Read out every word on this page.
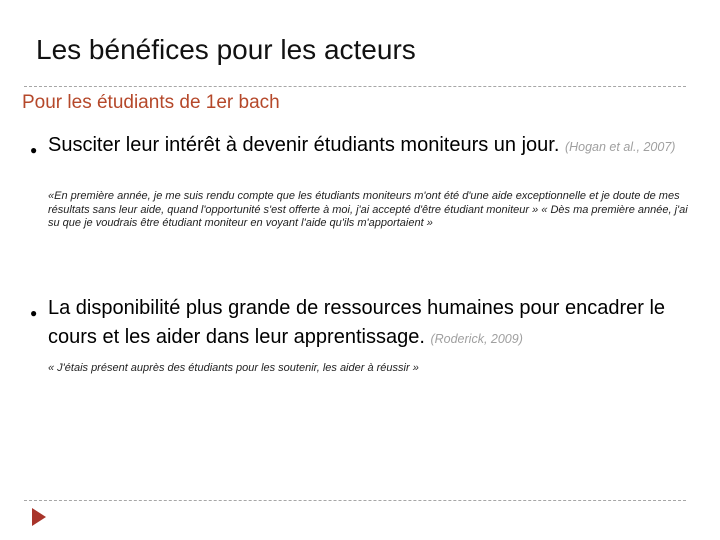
Les bénéfices pour les acteurs
Pour les étudiants de 1er bach
● Susciter leur intérêt à devenir étudiants moniteurs un jour. (Hogan et al., 2007)
«En première année, je me suis rendu compte que les étudiants moniteurs m'ont été d'une aide exceptionnelle et je doute de mes résultats sans leur aide, quand l'opportunité s'est offerte à moi, j'ai accepté d'être étudiant moniteur » « Dès ma première année, j'ai su que je voudrais être étudiant moniteur en voyant l'aide qu'ils m'apportaient »
● La disponibilité plus grande de ressources humaines pour encadrer le cours et les aider dans leur apprentissage. (Roderick, 2009)
« J'étais présent auprès des étudiants pour les soutenir, les aider à réussir »
